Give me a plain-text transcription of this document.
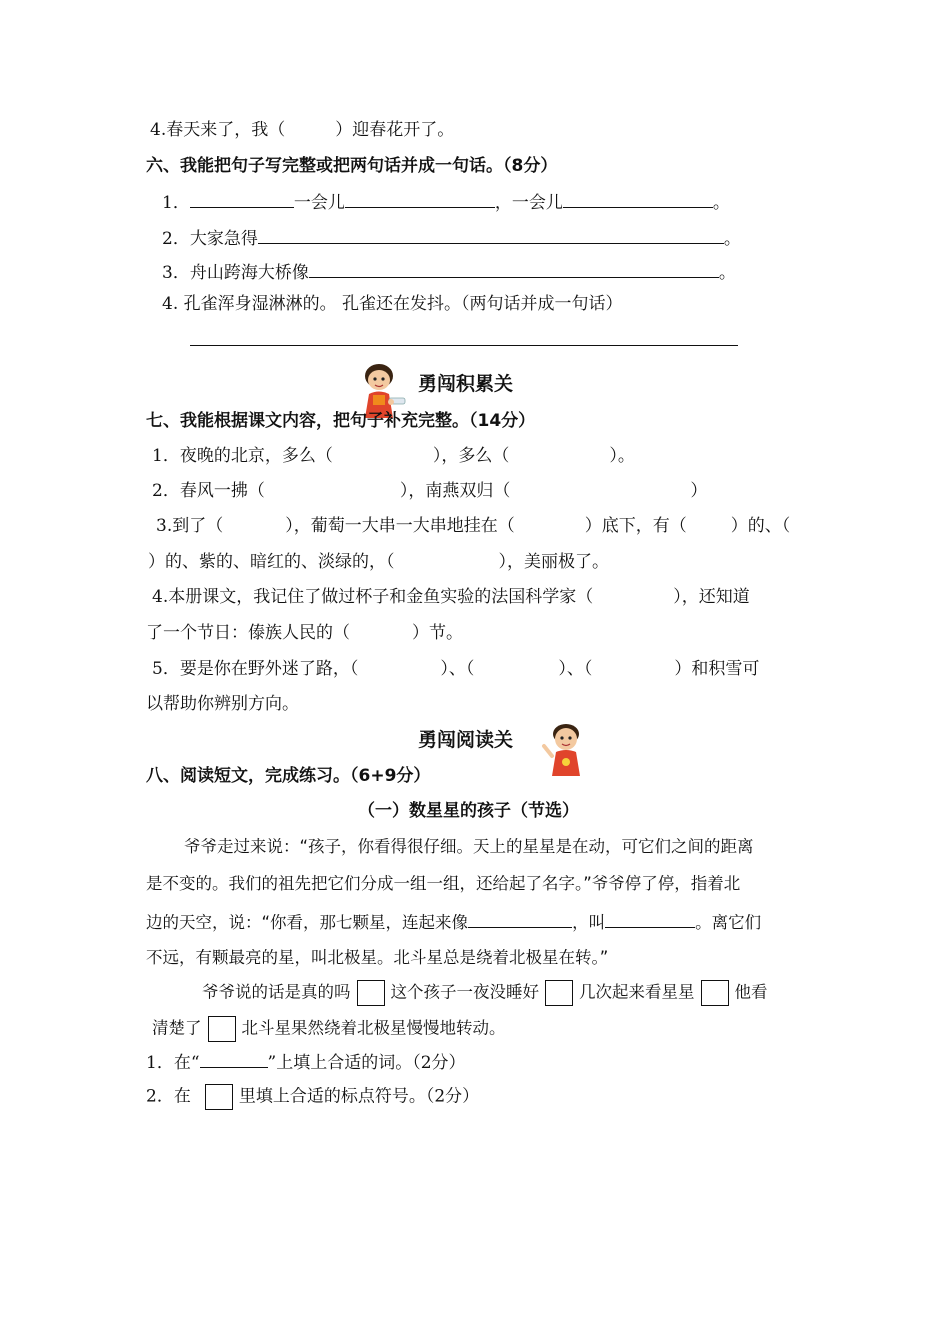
4.春天来了，我（	）迎春花开了。
六、我能把句子写完整或把两句话并成一句话。（8分）
1．	一会儿	，一会儿	。
2．大家急得	。
3．舟山跨海大桥像	。
4. 孔雀浑身湿淋淋的。 孔雀还在发抖。（两句话并成一句话）
勇闯积累关
七、我能根据课文内容，把句子补充完整。（14分）
1．夜晚的北京，多么（	），多么（	）。
2．春风一拂（	），南燕双归（	）
3.到了（	），葡萄一大串一大串地挂在（	）底下，有（	）的、（
）的、紫的、暗红的、淡绿的，（	），美丽极了。
4.本册课文，我记住了做过杯子和金鱼实验的法国科学家（	），还知道
了一个节日：傣族人民的（	）节。
5．要是你在野外迷了路，（	）、（	）、（	）和积雪可
以帮助你辨别方向。
勇闯阅读关
八、阅读短文，完成练习。（6+9分）
（一）数星星的孩子（节选）
爷爷走过来说：“孩子，你看得很仔细。天上的星星是在动，可它们之间的距离
是不变的。我们的祖先把它们分成一组一组，还给起了名字。”爷爷停了停，指着北
边的天空，说：“你看，那七颗星，连起来像	，叫	。离它们
不远，有颗最亮的星，叫北极星。北斗星总是绕着北极星在转。”
爷爷说的话是真的吗 这个孩子一夜没睡好 几次起来看星星 他看
清楚了 北斗星果然绕着北极星慢慢地转动。
1．在“	”上填上合适的词。（2分）
2．在	里填上合适的标点符号。（2分）
